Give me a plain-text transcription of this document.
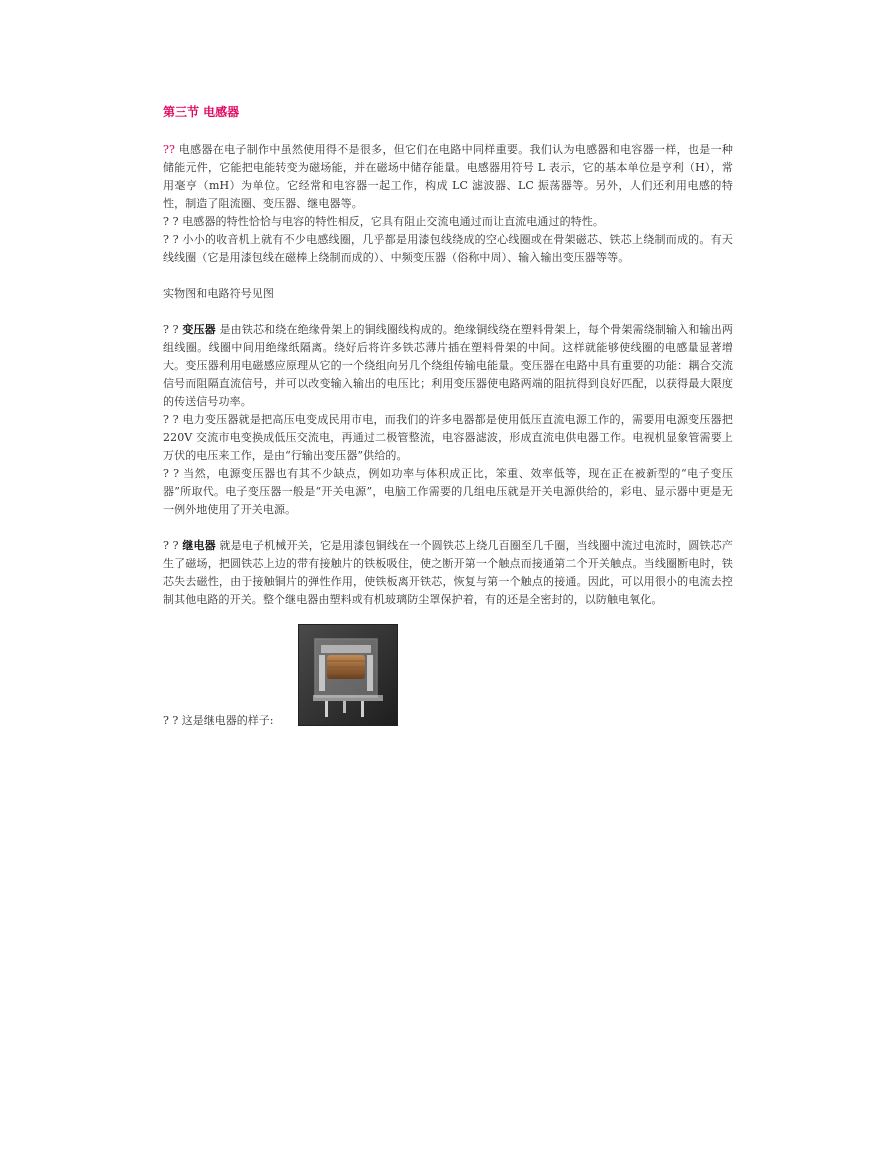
第三节 电感器

?? 电感器在电子制作中虽然使用得不是很多，但它们在电路中同样重要。我们认为电感器和电容器一样，也是一种储能元件，它能把电能转变为磁场能，并在磁场中储存能量。电感器用符号 L 表示，它的基本单位是亨利（H），常用毫亨（mH）为单位。它经常和电容器一起工作，构成 LC 滤波器、LC 振荡器等。另外，人们还利用电感的特性，制造了阻流圈、变压器、继电器等。

? ? 电感器的特性恰恰与电容的特性相反，它具有阻止交流电通过而让直流电通过的特性。

? ? 小小的收音机上就有不少电感线圈，几乎都是用漆包线绕成的空心线圈或在骨架磁芯、铁芯上绕制而成的。有天线线圈（它是用漆包线在磁棒上绕制而成的）、中频变压器（俗称中周）、输入输出变压器等等。

实物图和电路符号见图

? ? 变压器 是由铁芯和绕在绝缘骨架上的铜线圈线构成的。绝缘铜线绕在塑料骨架上，每个骨架需绕制输入和输出两组线圈。线圈中间用绝缘纸隔离。绕好后将许多铁芯薄片插在塑料骨架的中间。这样就能够使线圈的电感量显著增大。变压器利用电磁感应原理从它的一个绕组向另几个绕组传输电能量。变压器在电路中具有重要的功能：耦合交流信号而阻隔直流信号，并可以改变输入输出的电压比；利用变压器使电路两端的阻抗得到良好匹配，以获得最大限度的传送信号功率。

? ? 电力变压器就是把高压电变成民用市电，而我们的许多电器都是使用低压直流电源工作的，需要用电源变压器把 220V 交流市电变换成低压交流电，再通过二极管整流，电容器滤波，形成直流电供电器工作。电视机显象管需要上万伏的电压来工作，是由“行输出变压器”供给的。

? ? 当然，电源变压器也有其不少缺点，例如功率与体积成正比，笨重、效率低等，现在正在被新型的“电子变压器”所取代。电子变压器一般是“开关电源”，电脑工作需要的几组电压就是开关电源供给的，彩电、显示器中更是无一例外地使用了开关电源。

? ? 继电器 就是电子机械开关，它是用漆包铜线在一个圆铁芯上绕几百圈至几千圈，当线圈中流过电流时，圆铁芯产生了磁场，把圆铁芯上边的带有接触片的铁板吸住，使之断开第一个触点而接通第二个开关触点。当线圈断电时，铁芯失去磁性，由于接触铜片的弹性作用，使铁板离开铁芯，恢复与第一个触点的接通。因此，可以用很小的电流去控制其他电路的开关。整个继电器由塑料或有机玻璃防尘罩保护着，有的还是全密封的，以防触电氧化。

? ? 这是继电器的样子:
